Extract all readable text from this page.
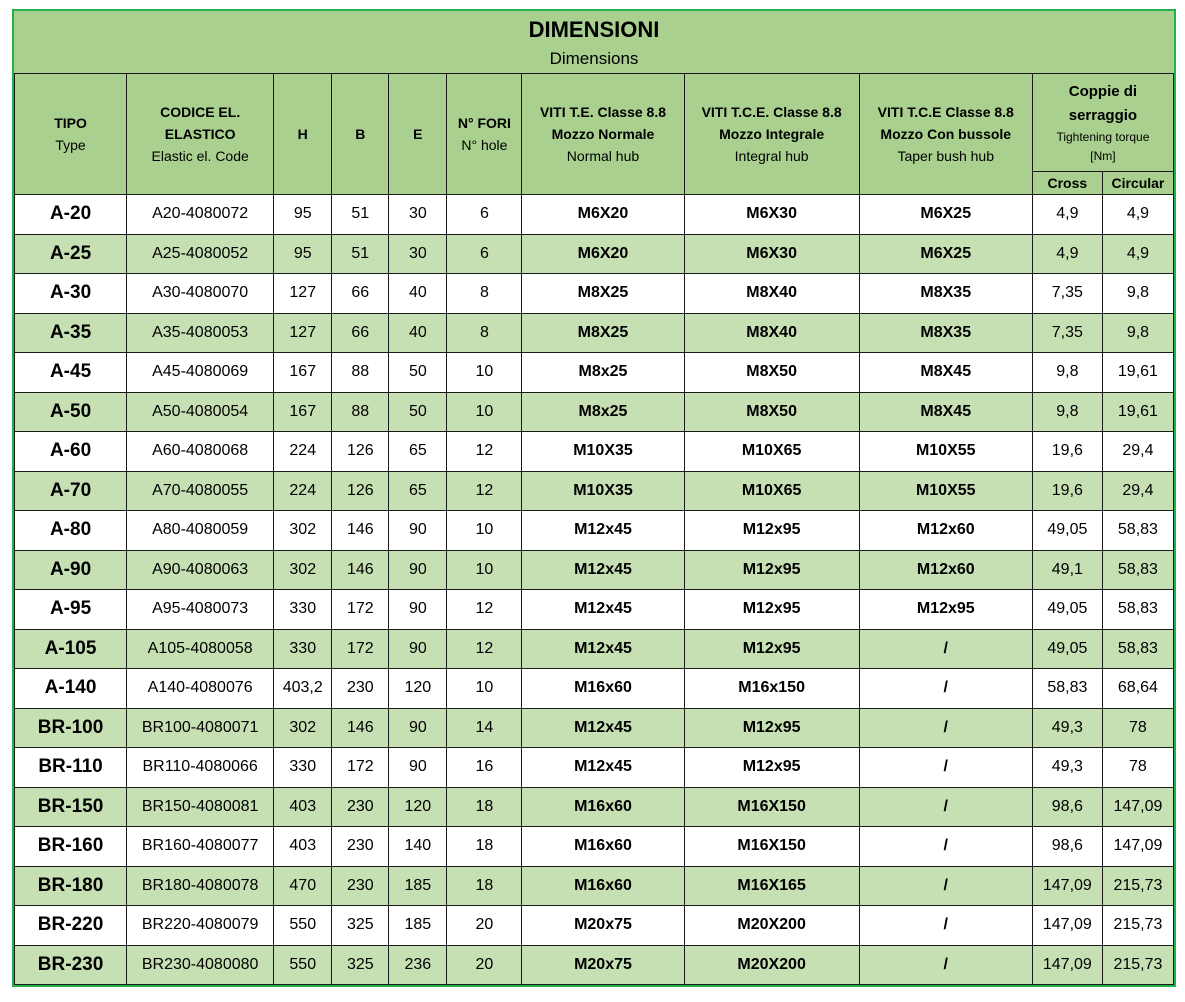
DIMENSIONI
Dimensions										

TIPO
Type	CODICE EL.
ELASTICO
Elastic el. Code	H	B	E	N° FORI
N° hole	VITI T.E. Classe 8.8
Mozzo Normale
Normal hub	VITI T.C.E. Classe 8.8
Mozzo Integrale
Integral hub	VITI T.C.E Classe 8.8
Mozzo Con bussole
Taper bush hub	Coppie di
serraggio
Tightening torque
[Nm]	

									Cross	Circular
A-20	A20-4080072	95	51	30	6	M6X20	M6X30	M6X25	4,9	4,9
A-25	A25-4080052	95	51	30	6	M6X20	M6X30	M6X25	4,9	4,9
A-30	A30-4080070	127	66	40	8	M8X25	M8X40	M8X35	7,35	9,8
A-35	A35-4080053	127	66	40	8	M8X25	M8X40	M8X35	7,35	9,8
A-45	A45-4080069	167	88	50	10	M8x25	M8X50	M8X45	9,8	19,61
A-50	A50-4080054	167	88	50	10	M8x25	M8X50	M8X45	9,8	19,61
A-60	A60-4080068	224	126	65	12	M10X35	M10X65	M10X55	19,6	29,4
A-70	A70-4080055	224	126	65	12	M10X35	M10X65	M10X55	19,6	29,4
A-80	A80-4080059	302	146	90	10	M12x45	M12x95	M12x60	49,05	58,83
A-90	A90-4080063	302	146	90	10	M12x45	M12x95	M12x60	49,1	58,83
A-95	A95-4080073	330	172	90	12	M12x45	M12x95	M12x95	49,05	58,83
A-105	A105-4080058	330	172	90	12	M12x45	M12x95	/	49,05	58,83
A-140	A140-4080076	403,2	230	120	10	M16x60	M16x150	/	58,83	68,64
BR-100	BR100-4080071	302	146	90	14	M12x45	M12x95	/	49,3	78
BR-110	BR110-4080066	330	172	90	16	M12x45	M12x95	/	49,3	78
BR-150	BR150-4080081	403	230	120	18	M16x60	M16X150	/	98,6	147,09
BR-160	BR160-4080077	403	230	140	18	M16x60	M16X150	/	98,6	147,09
BR-180	BR180-4080078	470	230	185	18	M16x60	M16X165	/	147,09	215,73
BR-220	BR220-4080079	550	325	185	20	M20x75	M20X200	/	147,09	215,73
BR-230	BR230-4080080	550	325	236	20	M20x75	M20X200	/	147,09	215,73
